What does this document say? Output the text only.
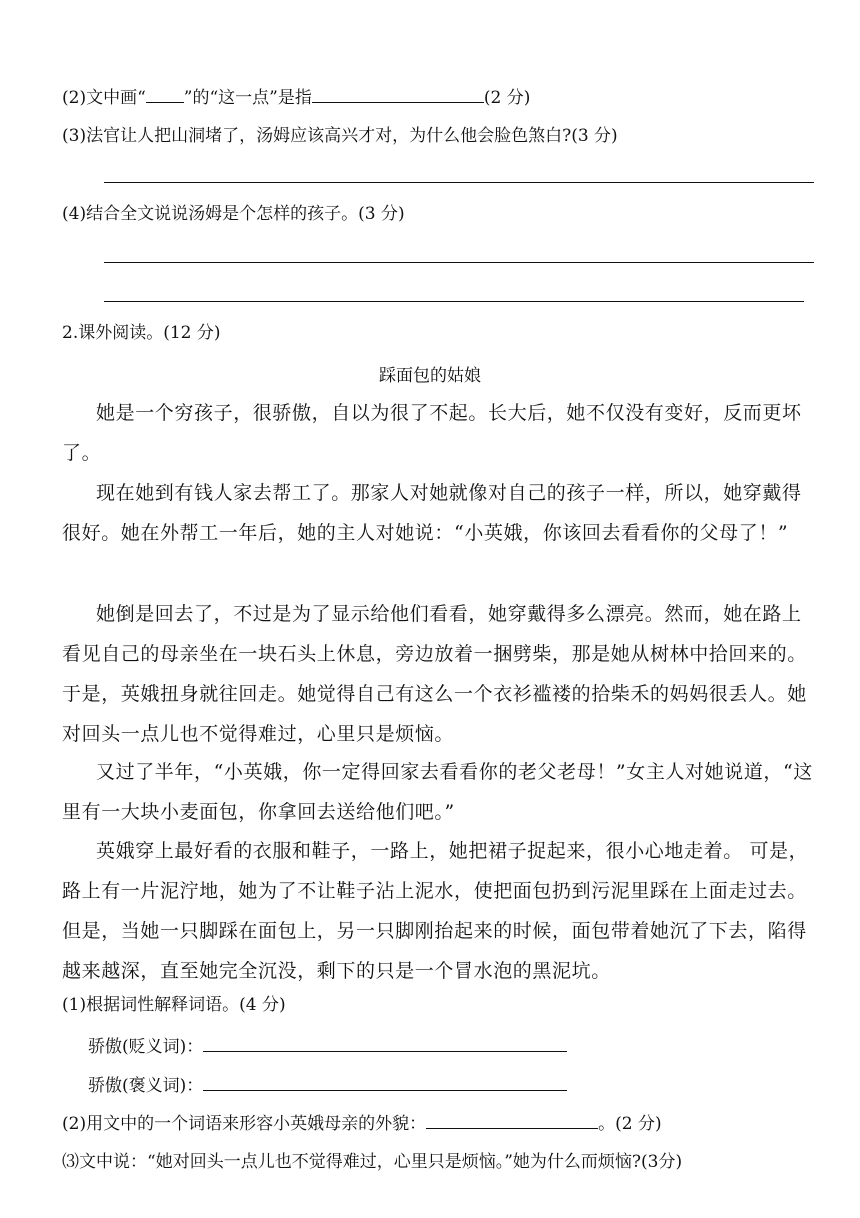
(2)文中画“ ”的“这一点”是指	(2 分)
(3)法官让人把山洞堵了，汤姆应该高兴才对，为什么他会脸色煞白?(3 分)
(4)结合全文说说汤姆是个怎样的孩子。(3 分)
2.课外阅读。(12 分)
踩面包的姑娘
她是一个穷孩子，很骄傲，自以为很了不起。长大后，她不仅没有变好，反而更坏了。
现在她到有钱人家去帮工了。那家人对她就像对自己的孩子一样，所以，她穿戴得很好。她在外帮工一年后，她的主人对她说：“小英娥，你该回去看看你的父母了！”
她倒是回去了，不过是为了显示给他们看看，她穿戴得多么漂亮。然而，她在路上看见自己的母亲坐在一块石头上休息，旁边放着一捆劈柴，那是她从树林中拾回来的。于是，英娥扭身就往回走。她觉得自己有这么一个衣衫褴褛的拾柴禾的妈妈很丢人。她对回头一点儿也不觉得难过，心里只是烦恼。
又过了半年，“小英娥，你一定得回家去看看你的老父老母！”女主人对她说道，“这里有一大块小麦面包，你拿回去送给他们吧。”
英娥穿上最好看的衣服和鞋子，一路上，她把裙子捉起来，很小心地走着。 可是，路上有一片泥泞地，她为了不让鞋子沾上泥水，使把面包扔到污泥里踩在上面走过去。但是，当她一只脚踩在面包上，另一只脚刚抬起来的时候，面包带着她沉了下去，陷得越来越深，直至她完全沉没，剩下的只是一个冒水泡的黑泥坑。
(1)根据词性解释词语。(4 分)
骄傲(贬义词)：
骄傲(褒义词)：
(2)用文中的一个词语来形容小英娥母亲的外貌：	。(2 分)
⑶文中说：“她对回头一点儿也不觉得难过，心里只是烦恼。”她为什么而烦恼?(3分)
